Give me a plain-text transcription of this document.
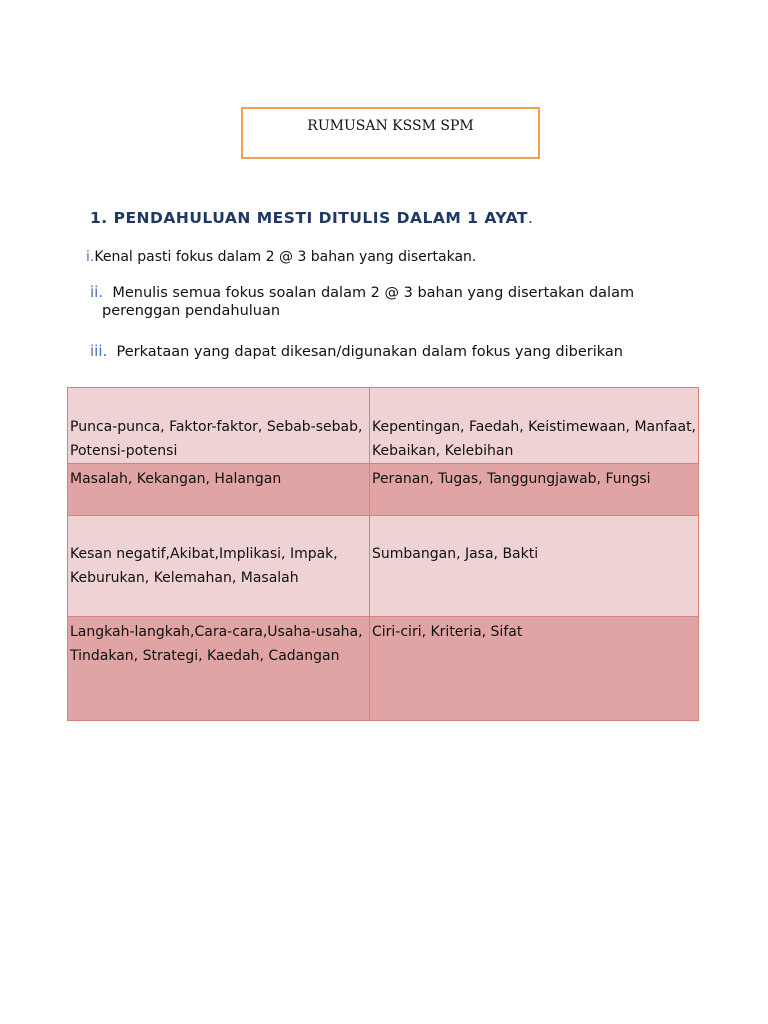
RUMUSAN KSSM SPM
1. PENDAHULUAN MESTI DITULIS DALAM 1 AYAT.
i.Kenal pasti fokus dalam 2 @ 3 bahan yang disertakan.
ii.  Menulis semua fokus soalan dalam 2 @ 3 bahan yang disertakan dalam
perenggan pendahuluan
iii.  Perkataan yang dapat dikesan/digunakan dalam fokus yang diberikan
Punca-punca, Faktor-faktor, Sebab-sebab, Potensi-potensi	Kepentingan, Faedah, Keistimewaan, Manfaat, Kebaikan, Kelebihan
Masalah, Kekangan, Halangan	Peranan, Tugas, Tanggungjawab, Fungsi
Kesan negatif,Akibat,Implikasi, Impak, Keburukan, Kelemahan, Masalah	Sumbangan, Jasa, Bakti
Langkah-langkah,Cara-cara,Usaha-usaha, Tindakan, Strategi, Kaedah, Cadangan	Ciri-ciri, Kriteria, Sifat
